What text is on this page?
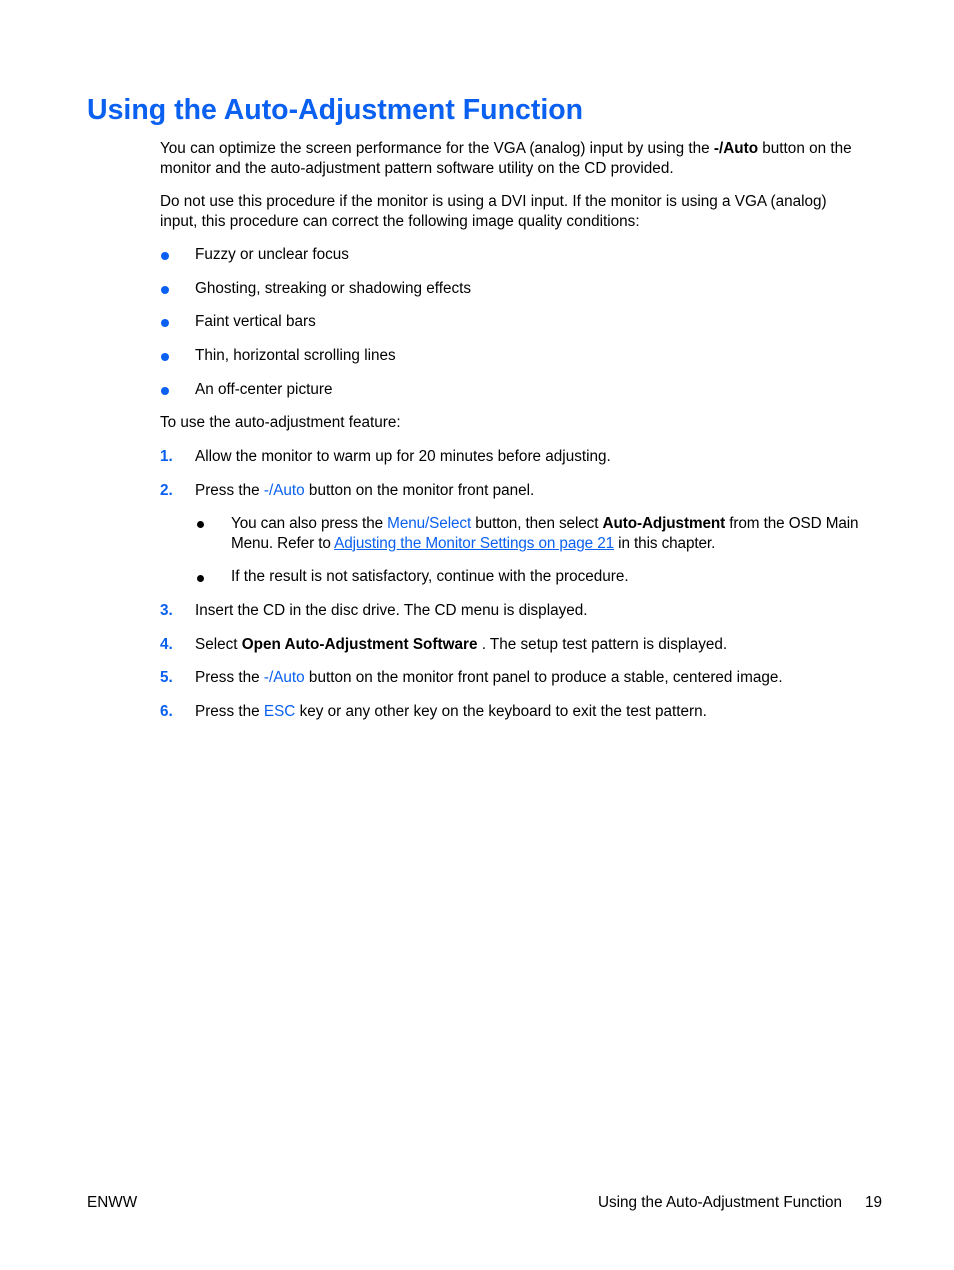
Using the Auto-Adjustment Function

You can optimize the screen performance for the VGA (analog) input by using the -/Auto button on the
monitor and the auto-adjustment pattern software utility on the CD provided.

Do not use this procedure if the monitor is using a DVI input. If the monitor is using a VGA (analog)
input, this procedure can correct the following image quality conditions:

Fuzzy or unclear focus
Ghosting, streaking or shadowing effects
Faint vertical bars
Thin, horizontal scrolling lines
An off-center picture
To use the auto-adjustment feature:
1. Allow the monitor to warm up for 20 minutes before adjusting.
2. Press the -/Auto button on the monitor front panel.

You can also press the Menu/Select button, then select Auto-Adjustment from the OSD Main
Menu. Refer to Adjusting the Monitor Settings on page 21 in this chapter.

If the result is not satisfactory, continue with the procedure.
3. Insert the CD in the disc drive. The CD menu is displayed.
4. Select Open Auto-Adjustment Software . The setup test pattern is displayed.
5. Press the -/Auto button on the monitor front panel to produce a stable, centered image.
6. Press the ESC key or any other key on the keyboard to exit the test pattern.
ENWW	Using the Auto-Adjustment Function 19
